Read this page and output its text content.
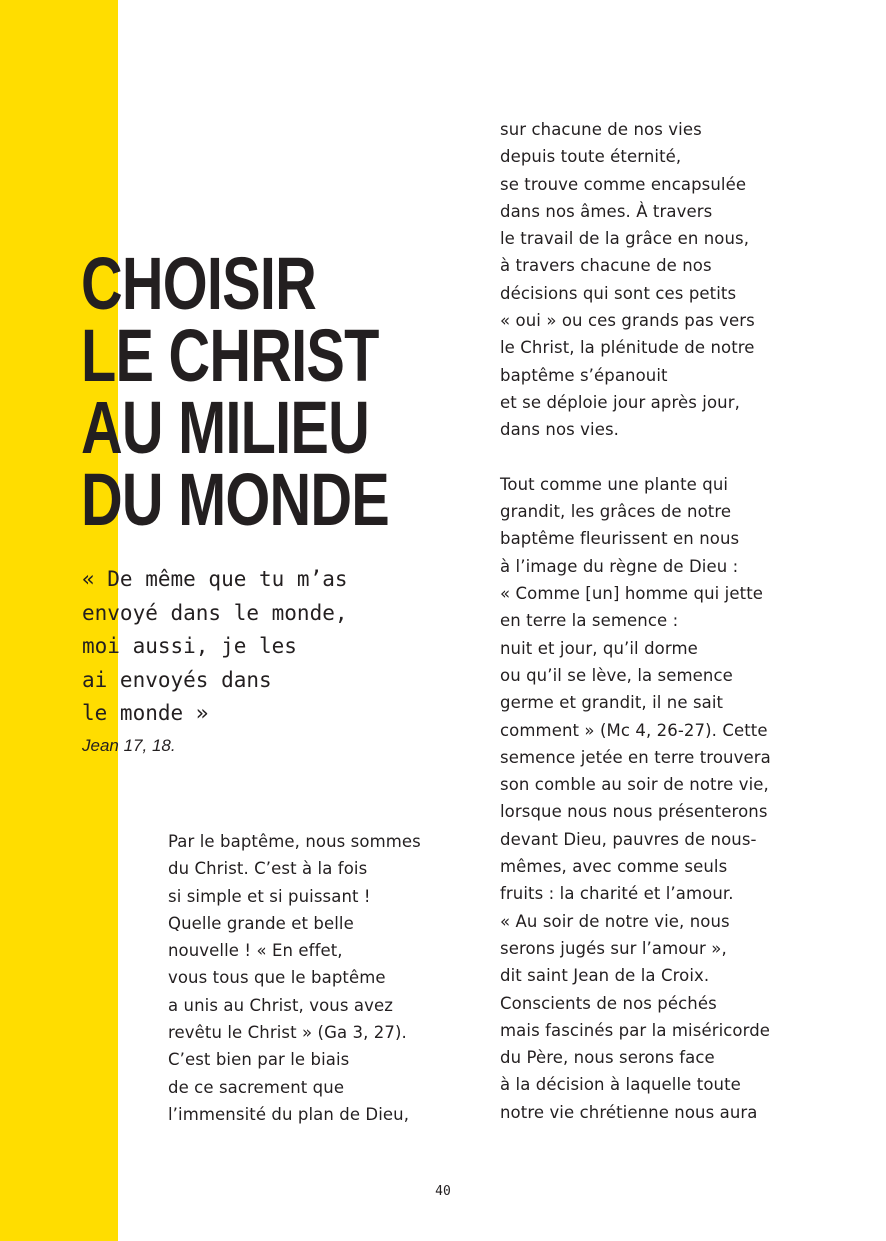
CHOISIR
LE CHRIST
AU MILIEU
DU MONDE
« De même que tu m’as
envoyé dans le monde,
moi aussi, je les
ai envoyés dans
le monde »
Jean 17, 18.

Par le baptême, nous sommes
du Christ. C’est à la fois
si simple et si puissant !
Quelle grande et belle
nouvelle ! « En effet,
vous tous que le baptême
a unis au Christ, vous avez
revêtu le Christ » (Ga 3, 27).
C’est bien par le biais
de ce sacrement que
l’immensité du plan de Dieu,

sur chacune de nos vies
depuis toute éternité,
se trouve comme encapsulée
dans nos âmes. À travers
le travail de la grâce en nous,
à travers chacune de nos
décisions qui sont ces petits
« oui » ou ces grands pas vers
le Christ, la plénitude de notre
baptême s’épanouit
et se déploie jour après jour,
dans nos vies.
Tout comme une plante qui
grandit, les grâces de notre
baptême fleurissent en nous
à l’image du règne de Dieu :
« Comme [un] homme qui jette
en terre la semence :
nuit et jour, qu’il dorme
ou qu’il se lève, la semence
germe et grandit, il ne sait
comment » (Mc 4, 26-27). Cette
semence jetée en terre trouvera
son comble au soir de notre vie,
lorsque nous nous présenterons
devant Dieu, pauvres de nous-
mêmes, avec comme seuls
fruits : la charité et l’amour.
« Au soir de notre vie, nous
serons jugés sur l’amour »,
dit saint Jean de la Croix.
Conscients de nos péchés
mais fascinés par la miséricorde
du Père, nous serons face
à la décision à laquelle toute
notre vie chrétienne nous aura
40
